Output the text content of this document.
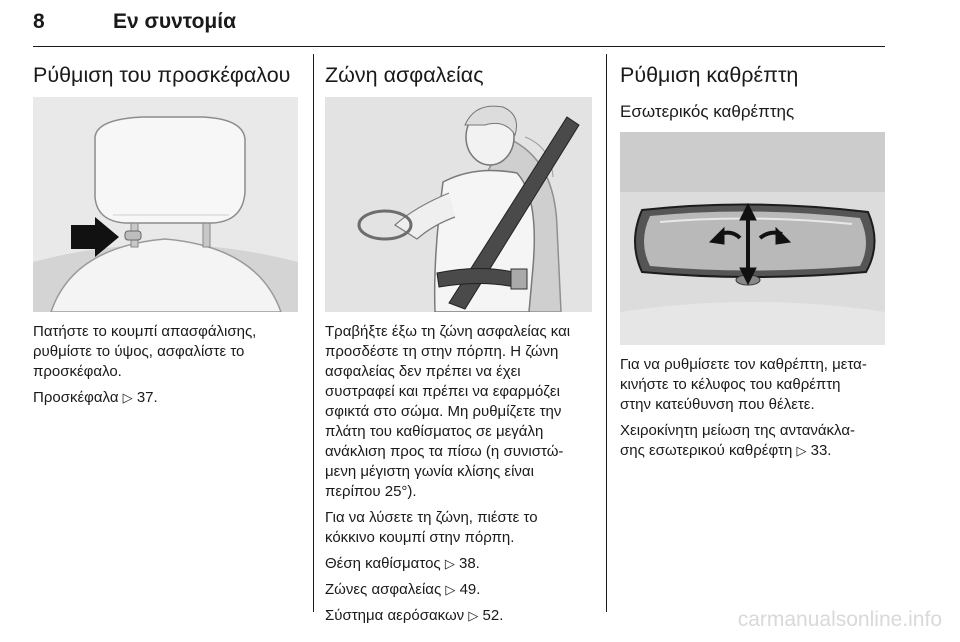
8	Εν συντομία
Ρύθμιση του προσκέφαλου

Πατήστε το κουμπί απασφάλισης,

ρυθμίστε το ύψος, ασφαλίστε το

προσκέφαλο.

Προσκέφαλα ▷ 37.

Ζώνη ασφαλείας

Τραβήξτε έξω τη ζώνη ασφαλείας και

προσδέστε τη στην πόρπη. Η ζώνη

ασφαλείας δεν πρέπει να έχει

συστραφεί και πρέπει να εφαρμόζει

σφικτά στο σώμα. Μη ρυθμίζετε την

πλάτη του καθίσματος σε μεγάλη

ανάκλιση προς τα πίσω (η συνιστώ-

μενη μέγιστη γωνία κλίσης είναι

περίπου 25°).

Για να λύσετε τη ζώνη, πιέστε το

κόκκινο κουμπί στην πόρπη.

Θέση καθίσματος ▷ 38.

Ζώνες ασφαλείας ▷ 49.

Σύστημα αερόσακων ▷ 52.

Ρύθμιση καθρέπτη
Εσωτερικός καθρέπτης

Για να ρυθμίσετε τον καθρέπτη, μετα-

κινήστε το κέλυφος του καθρέπτη

στην κατεύθυνση που θέλετε.

Χειροκίνητη μείωση της αντανάκλα-

σης εσωτερικού καθρέφτη ▷ 33.

carmanualsonline.info
